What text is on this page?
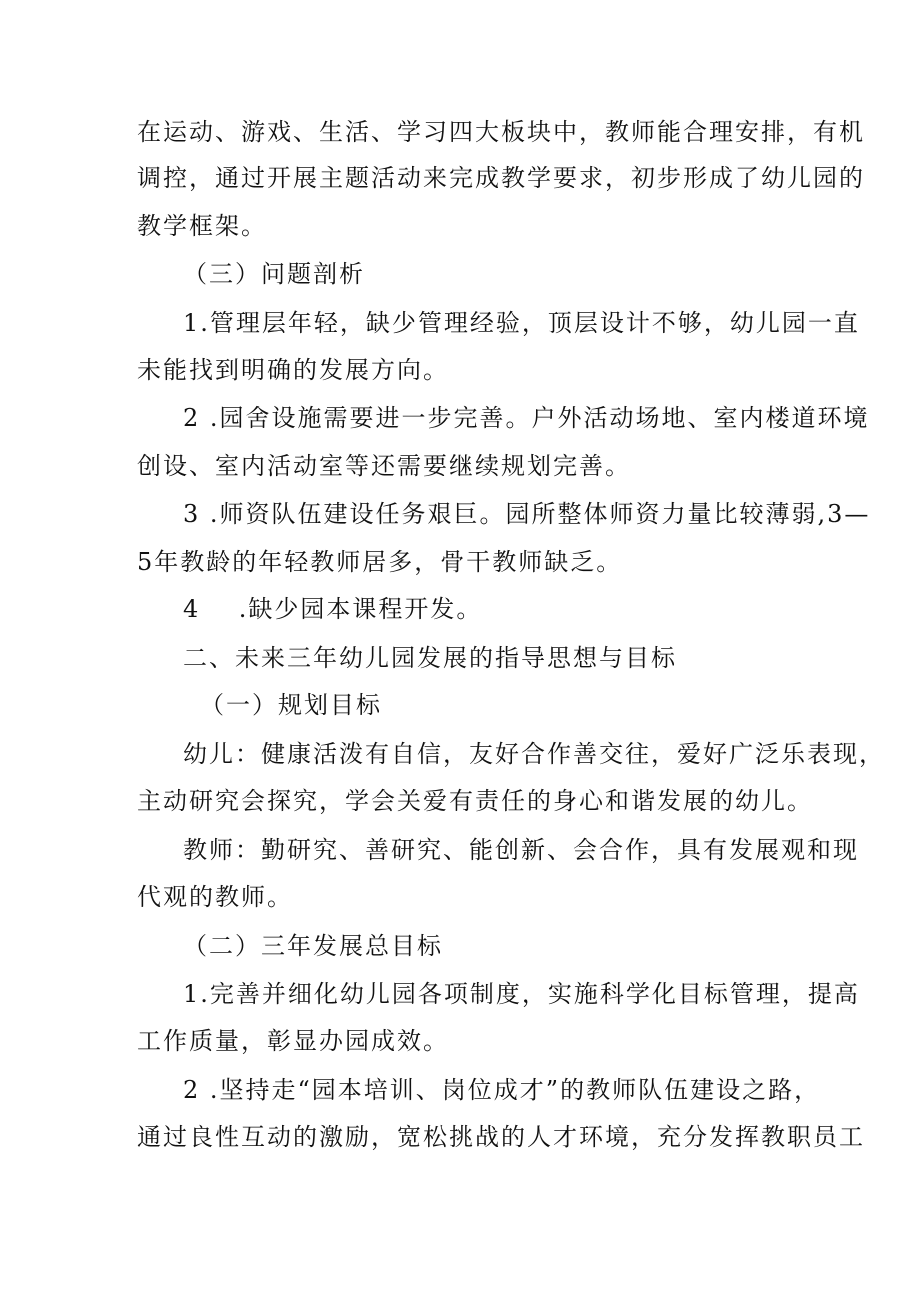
在运动、游戏、生活、学习四大板块中，教师能合理安排，有机
调控，通过开展主题活动来完成教学要求，初步形成了幼儿园的
教学框架。
（三）问题剖析
1.管理层年轻，缺少管理经验，顶层设计不够，幼儿园一直
未能找到明确的发展方向。
2 .园舍设施需要进一步完善。户外活动场地、室内楼道环境
创设、室内活动室等还需要继续规划完善。
3 .师资队伍建设任务艰巨。园所整体师资力量比较薄弱,3—
5年教龄的年轻教师居多，骨干教师缺乏。
4    .缺少园本课程开发。
二、未来三年幼儿园发展的指导思想与目标
（一）规划目标
幼儿：健康活泼有自信，友好合作善交往，爱好广泛乐表现，
主动研究会探究，学会关爱有责任的身心和谐发展的幼儿。
教师：勤研究、善研究、能创新、会合作，具有发展观和现
代观的教师。
（二）三年发展总目标
1.完善并细化幼儿园各项制度，实施科学化目标管理，提高
工作质量，彰显办园成效。
2 .坚持走“园本培训、岗位成才”的教师队伍建设之路，
通过良性互动的激励，宽松挑战的人才环境，充分发挥教职员工
